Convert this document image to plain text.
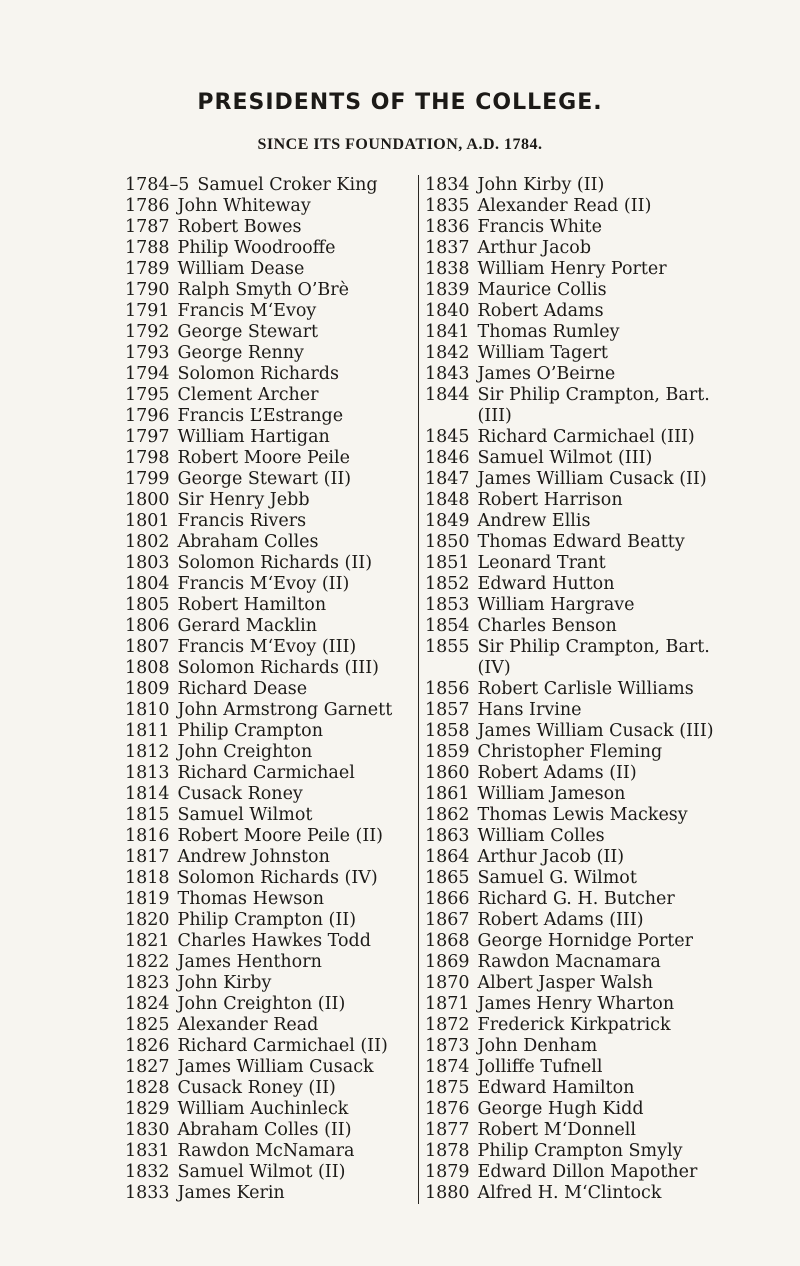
PRESIDENTS OF THE COLLEGE.
SINCE ITS FOUNDATION, A.D. 1784.
1784–5 Samuel Croker King
1786 John Whiteway
1787 Robert Bowes
1788 Philip Woodrooffe
1789 William Dease
1790 Ralph Smyth O’Brè
1791 Francis M‘Evoy
1792 George Stewart
1793 George Renny
1794 Solomon Richards
1795 Clement Archer
1796 Francis L’Estrange
1797 William Hartigan
1798 Robert Moore Peile
1799 George Stewart (II)
1800 Sir Henry Jebb
1801 Francis Rivers
1802 Abraham Colles
1803 Solomon Richards (II)
1804 Francis M‘Evoy (II)
1805 Robert Hamilton
1806 Gerard Macklin
1807 Francis M‘Evoy (III)
1808 Solomon Richards (III)
1809 Richard Dease
1810 John Armstrong Garnett
1811 Philip Crampton
1812 John Creighton
1813 Richard Carmichael
1814 Cusack Roney
1815 Samuel Wilmot
1816 Robert Moore Peile (II)
1817 Andrew Johnston
1818 Solomon Richards (IV)
1819 Thomas Hewson
1820 Philip Crampton (II)
1821 Charles Hawkes Todd
1822 James Henthorn
1823 John Kirby
1824 John Creighton (II)
1825 Alexander Read
1826 Richard Carmichael (II)
1827 James William Cusack
1828 Cusack Roney (II)
1829 William Auchinleck
1830 Abraham Colles (II)
1831 Rawdon McNamara
1832 Samuel Wilmot (II)
1833 James Kerin
1834 John Kirby (II)
1835 Alexander Read (II)
1836 Francis White
1837 Arthur Jacob
1838 William Henry Porter
1839 Maurice Collis
1840 Robert Adams
1841 Thomas Rumley
1842 William Tagert
1843 James O’Beirne
1844 Sir Philip Crampton, Bart. (III)
1845 Richard Carmichael (III)
1846 Samuel Wilmot (III)
1847 James William Cusack (II)
1848 Robert Harrison
1849 Andrew Ellis
1850 Thomas Edward Beatty
1851 Leonard Trant
1852 Edward Hutton
1853 William Hargrave
1854 Charles Benson
1855 Sir Philip Crampton, Bart. (IV)
1856 Robert Carlisle Williams
1857 Hans Irvine
1858 James William Cusack (III)
1859 Christopher Fleming
1860 Robert Adams (II)
1861 William Jameson
1862 Thomas Lewis Mackesy
1863 William Colles
1864 Arthur Jacob (II)
1865 Samuel G. Wilmot
1866 Richard G. H. Butcher
1867 Robert Adams (III)
1868 George Hornidge Porter
1869 Rawdon Macnamara
1870 Albert Jasper Walsh
1871 James Henry Wharton
1872 Frederick Kirkpatrick
1873 John Denham
1874 Jolliffe Tufnell
1875 Edward Hamilton
1876 George Hugh Kidd
1877 Robert M‘Donnell
1878 Philip Crampton Smyly
1879 Edward Dillon Mapother
1880 Alfred H. M‘Clintock
